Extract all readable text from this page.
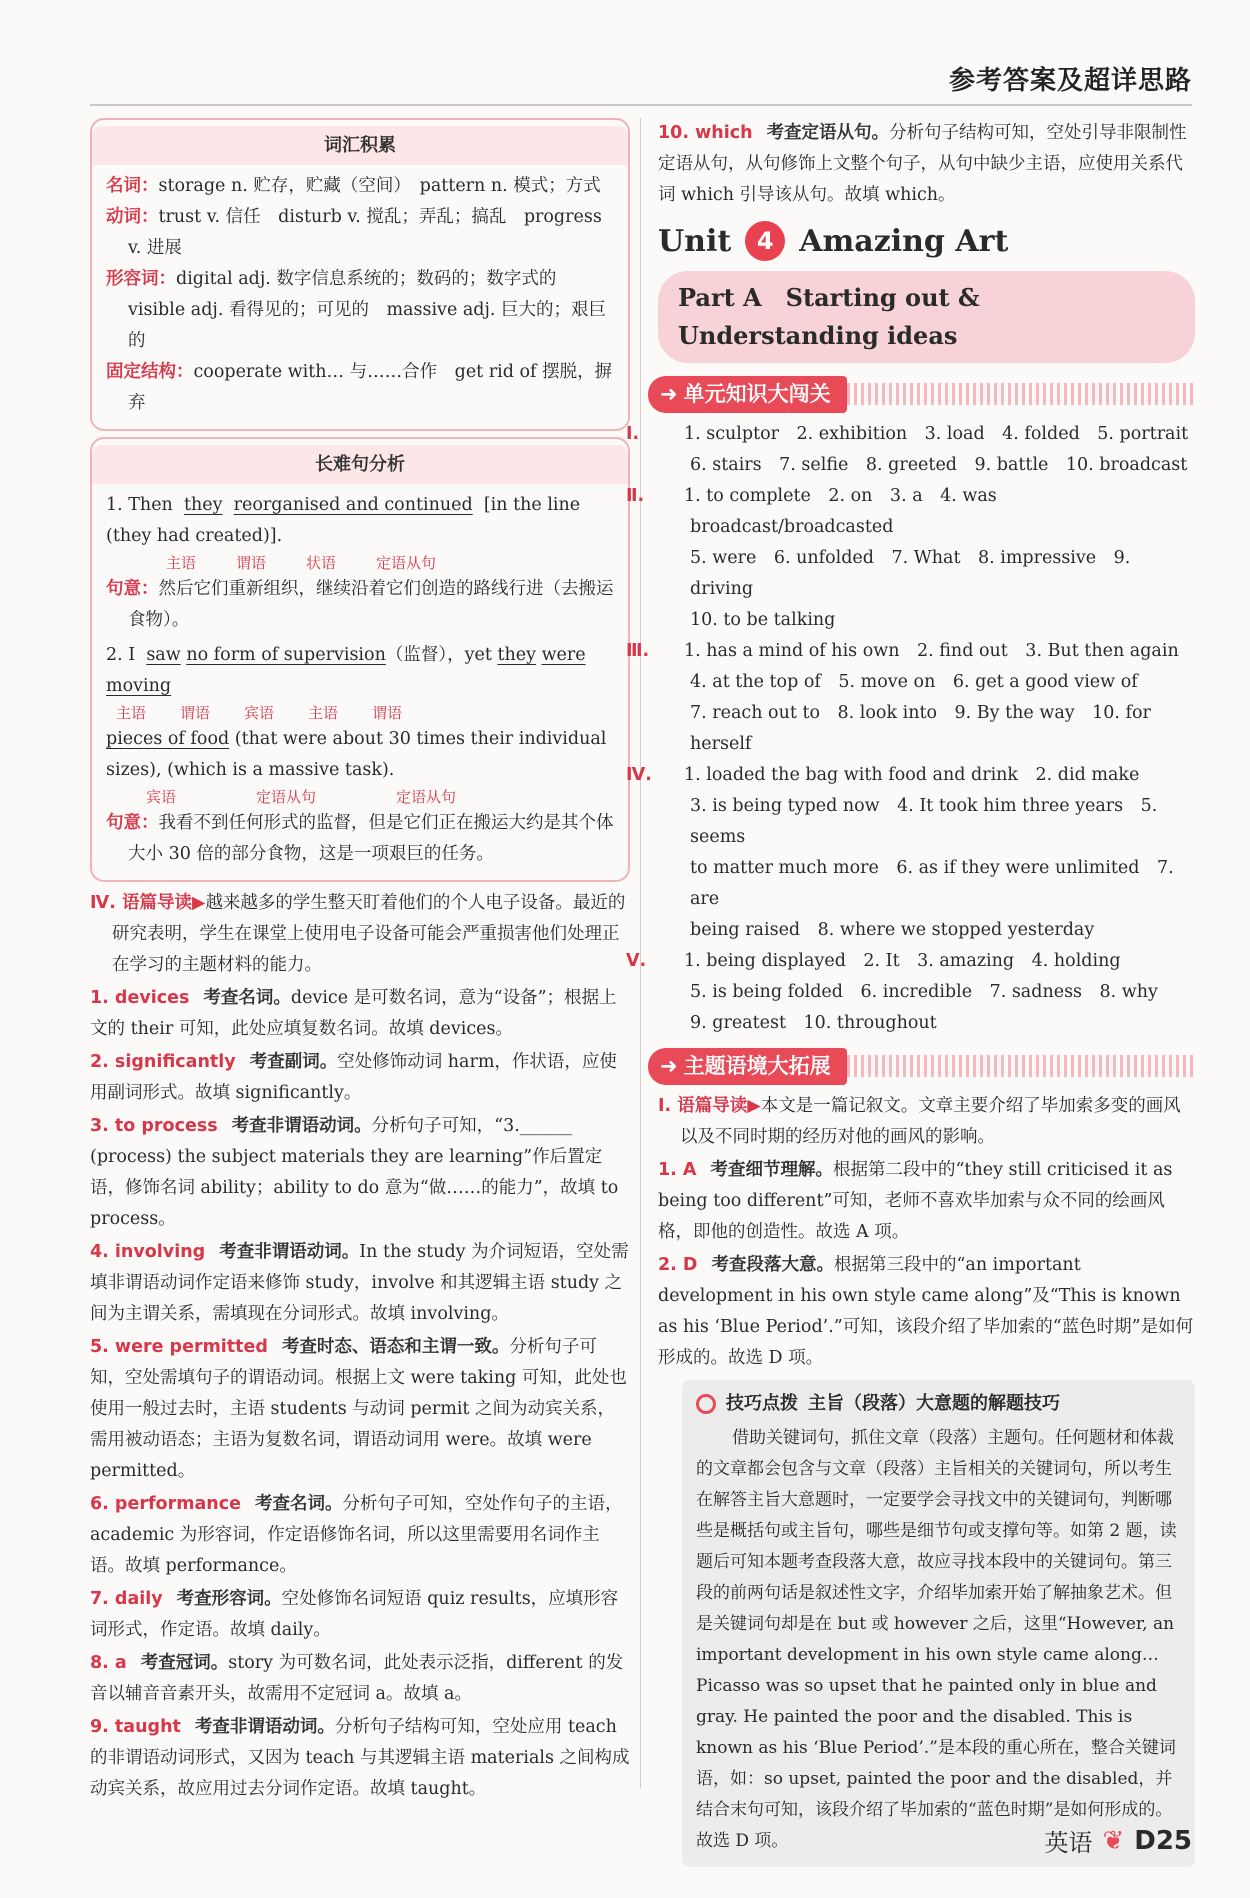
参考答案及超详思路
词汇积累
名词：storage n. 贮存，贮藏（空间）　pattern n. 模式；方式
动词：trust v. 信任　disturb v. 搅乱；弄乱；搞乱　progress v. 进展
形容词：digital adj. 数字信息系统的；数码的；数字式的　visible adj. 看得见的；可见的　massive adj. 巨大的；艰巨的
固定结构：cooperate with… 与……合作　get rid of 摆脱，摒弃
长难句分析
1. Then they reorganised and continued [in the line (they had created)].
主语	谓语	状语	定语从句
句意：然后它们重新组织，继续沿着它们创造的路线行进（去搬运食物）。
2. I saw no form of supervision（监督），yet they were moving
主语 谓语 宾语 主语 谓语
pieces of food (that were about 30 times their individual sizes), (which is a massive task).
宾语	定语从句	定语从句
句意：我看不到任何形式的监督，但是它们正在搬运大约是其个体大小 30 倍的部分食物，这是一项艰巨的任务。
Ⅳ. 语篇导读▶越来越多的学生整天盯着他们的个人电子设备。最近的研究表明，学生在课堂上使用电子设备可能会严重损害他们处理正在学习的主题材料的能力。
1. devices 考查名词。device 是可数名词，意为“设备”；根据上文的 their 可知，此处应填复数名词。故填 devices。
2. significantly 考查副词。空处修饰动词 harm，作状语，应使用副词形式。故填 significantly。
3. to process 考查非谓语动词。分析句子可知，“3.______ (process) the subject materials they are learning”作后置定语，修饰名词 ability；ability to do 意为“做……的能力”，故填 to process。
4. involving 考查非谓语动词。In the study 为介词短语，空处需填非谓语动词作定语来修饰 study，involve 和其逻辑主语 study 之间为主谓关系，需填现在分词形式。故填 involving。
5. were permitted 考查时态、语态和主谓一致。分析句子可知，空处需填句子的谓语动词。根据上文 were taking 可知，此处也使用一般过去时，主语 students 与动词 permit 之间为动宾关系，需用被动语态；主语为复数名词，谓语动词用 were。故填 were permitted。
6. performance 考查名词。分析句子可知，空处作句子的主语，academic 为形容词，作定语修饰名词，所以这里需要用名词作主语。故填 performance。
7. daily 考查形容词。空处修饰名词短语 quiz results，应填形容词形式，作定语。故填 daily。
8. a 考查冠词。story 为可数名词，此处表示泛指，different 的发音以辅音音素开头，故需用不定冠词 a。故填 a。
9. taught 考查非谓语动词。分析句子结构可知，空处应用 teach 的非谓语动词形式，又因为 teach 与其逻辑主语 materials 之间构成动宾关系，故应用过去分词作定语。故填 taught。
10. which 考查定语从句。分析句子结构可知，空处引导非限制性定语从句，从句修饰上文整个句子，从句中缺少主语，应使用关系代词 which 引导该从句。故填 which。
Unit	4 Amazing Art
Part A　Starting out & Understanding ideas
➜ 单元知识大闯关
Ⅰ.	1. sculptor　2. exhibition　3. load　4. folded　5. portrait
6. stairs　7. selfie　8. greeted　9. battle　10. broadcast
Ⅱ. 1. to complete　2. on　3. a　4. was broadcast/broadcasted
5. were　6. unfolded　7. What　8. impressive　9. driving
10. to be talking
Ⅲ. 1. has a mind of his own　2. find out　3. But then again
4. at the top of　5. move on　6. get a good view of
7. reach out to　8. look into　9. By the way　10. for herself
Ⅳ. 1. loaded the bag with food and drink　2. did make
3. is being typed now　4. It took him three years　5. seems
to matter much more　6. as if they were unlimited　7. are
being raised　8. where we stopped yesterday
Ⅴ. 1. being displayed　2. It　3. amazing　4. holding
5. is being folded　6. incredible　7. sadness　8. why
9. greatest　10. throughout
➜ 主题语境大拓展
Ⅰ. 语篇导读▶本文是一篇记叙文。文章主要介绍了毕加索多变的画风以及不同时期的经历对他的画风的影响。
1. A 考查细节理解。根据第二段中的“they still criticised it as being too different”可知，老师不喜欢毕加索与众不同的绘画风格，即他的创造性。故选 A 项。
2. D 考查段落大意。根据第三段中的“an important development in his own style came along”及“This is known as his ‘Blue Period’.”可知，该段介绍了毕加索的“蓝色时期”是如何形成的。故选 D 项。
技巧点拨 主旨（段落）大意题的解题技巧
借助关键词句，抓住文章（段落）主题句。任何题材和体裁的文章都会包含与文章（段落）主旨相关的关键词句，所以考生在解答主旨大意题时，一定要学会寻找文中的关键词句，判断哪些是概括句或主旨句，哪些是细节句或支撑句等。如第 2 题，读题后可知本题考查段落大意，故应寻找本段中的关键词句。第三段的前两句话是叙述性文字，介绍毕加索开始了解抽象艺术。但是关键词句却是在 but 或 however 之后，这里“However, an important development in his own style came along…Picasso was so upset that he painted only in blue and gray. He painted the poor and the disabled. This is known as his ‘Blue Period’.”是本段的重心所在，整合关键词语，如：so upset, painted the poor and the disabled，并结合末句可知，该段介绍了毕加索的“蓝色时期”是如何形成的。故选 D 项。	英语 ❦ D25
